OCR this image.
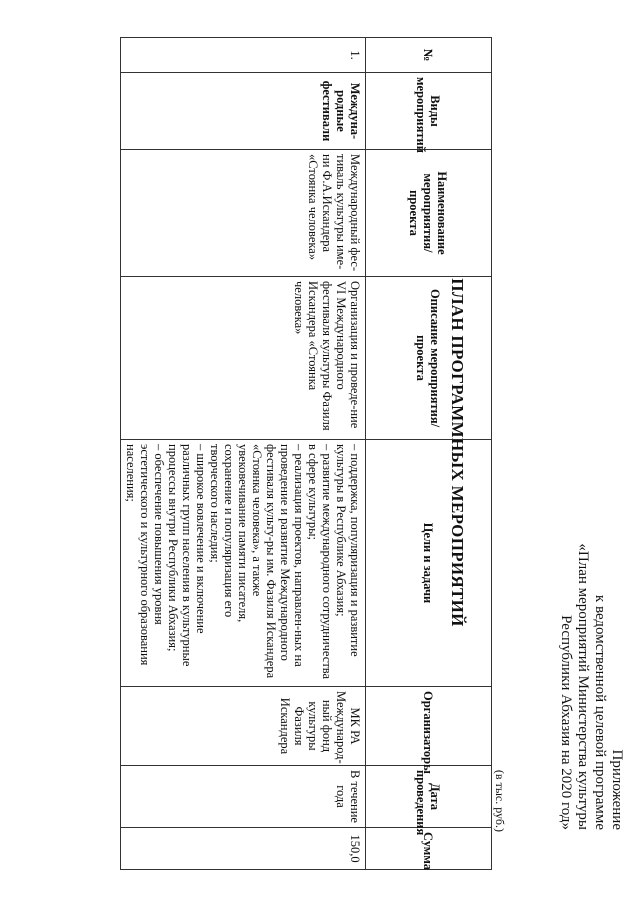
Приложение
к ведомственной целевой программе
«План мероприятий Министерства культуры
Республики Абхазия на 2020 год»
ПЛАН ПРОГРАММНЫХ МЕРОПРИЯТИЙ
(в тыс. руб.)
№	Виды мероприятий	Наименование мероприятия/проекта	Описание мероприятия/ проекта	Цели и задачи	Организаторы	Дата проведения	Сумма
1.	Междуна-родные фестивали	Международный фес-тиваль культуры име-ни Ф.А.Искандера «Стоянка человека»	Организация и проведе-ние VI Международного фестиваля культуры Фазиля Искандера «Стоянка человека»	– поддержка, популяризация и развитие культуры в Республике Абхазия;

– развитие международного сотрудничества в сфере культуры;

– реализация проектов, направлен-ных на проведение и развитие Международного фестиваля культу-ры им. Фазиля Искандера «Стоянка человека», а также увековечивание памяти писателя, сохранение и популяризация его творческого наследия;

– широкое вовлечение и включение различных групп населения в культурные процессы внутри Республики Абхазия;

– обеспечение повышения уровня эстетического и культурного образования населения;	МК РА Международ-ный фонд культуры Фазиля Искандера	В течение года	150,0
